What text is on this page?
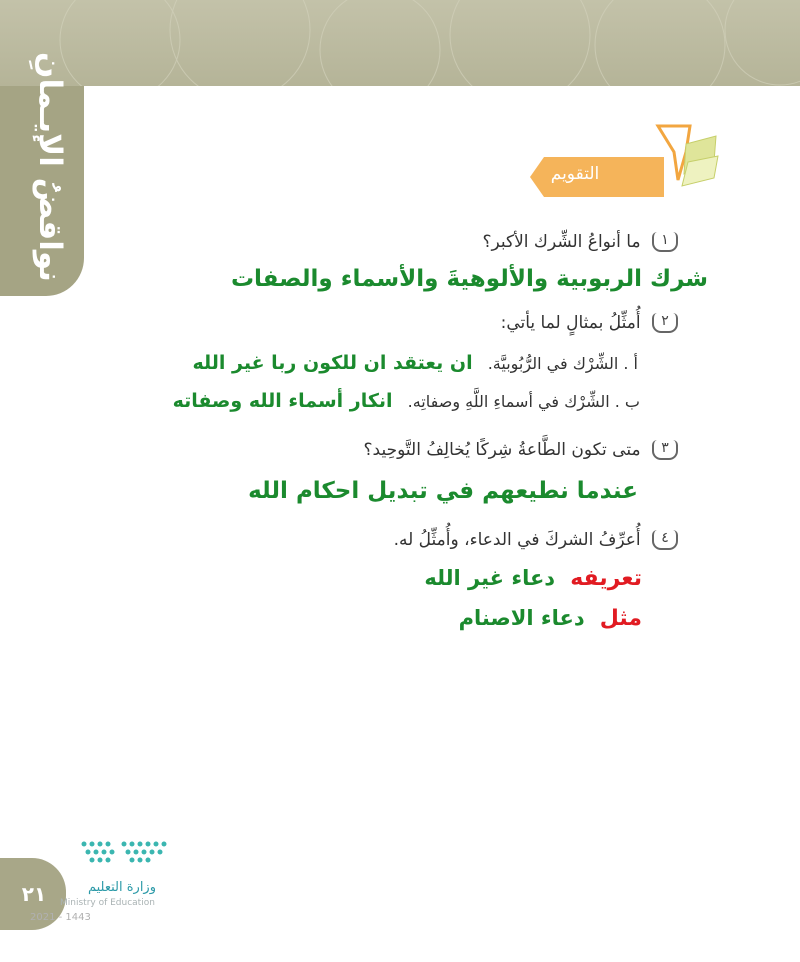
نواقضُ الإيـمانِ	التقويم
١ ما أنواعُ الشِّرك الأكبر؟
شرك الربوبية والألوهيةَ والأسماء والصفات
٢ أُمثِّلُ بمثالٍ لما يأتي:
أ . الشِّرْك في الرُّبُوبيَّة. ان يعتقد ان للكون ربا غير الله
ب . الشِّرْك في أسماءِ اللَّهِ وصفاتِه. انكار أسماء الله وصفاته
٣ متى تكون الطَّاعةُ شِركًا يُخالِفُ التَّوحِيد؟
عندما نطيعهم في تبديل احكام الله
٤ أُعرِّفُ الشركَ في الدعاء، وأُمثِّلُ له.
تعريفه دعاء غير الله
مثل دعاء الاصنام
٢١	وزارة التعليم
Ministry of Education
2021 - 1443
